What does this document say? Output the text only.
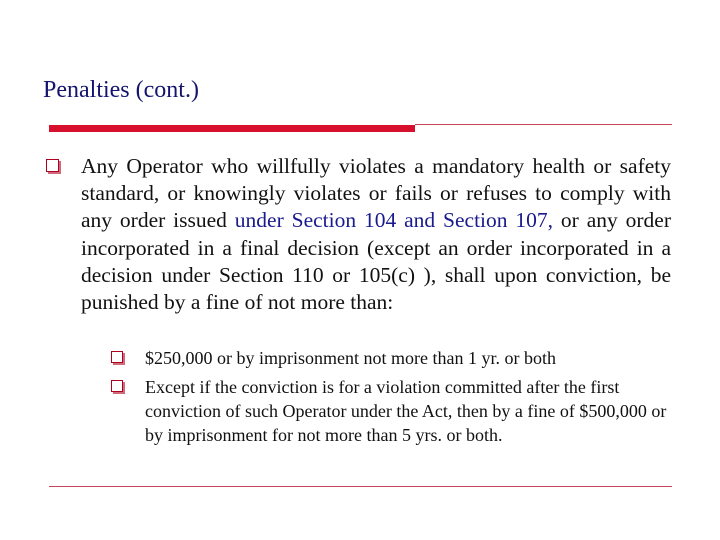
Penalties (cont.)
Any Operator who willfully violates a mandatory health or safety standard, or knowingly violates or fails or refuses to comply with any order issued under Section 104 and Section 107, or any order incorporated in a final decision (except an order incorporated in a decision under Section 110 or 105(c) ), shall upon conviction, be punished by a fine of not more than:
$250,000 or by imprisonment not more than 1 yr. or both
Except if the conviction is for a violation committed after the first conviction of such Operator under the Act, then by a fine of $500,000 or by imprisonment for not more than 5 yrs. or both.
